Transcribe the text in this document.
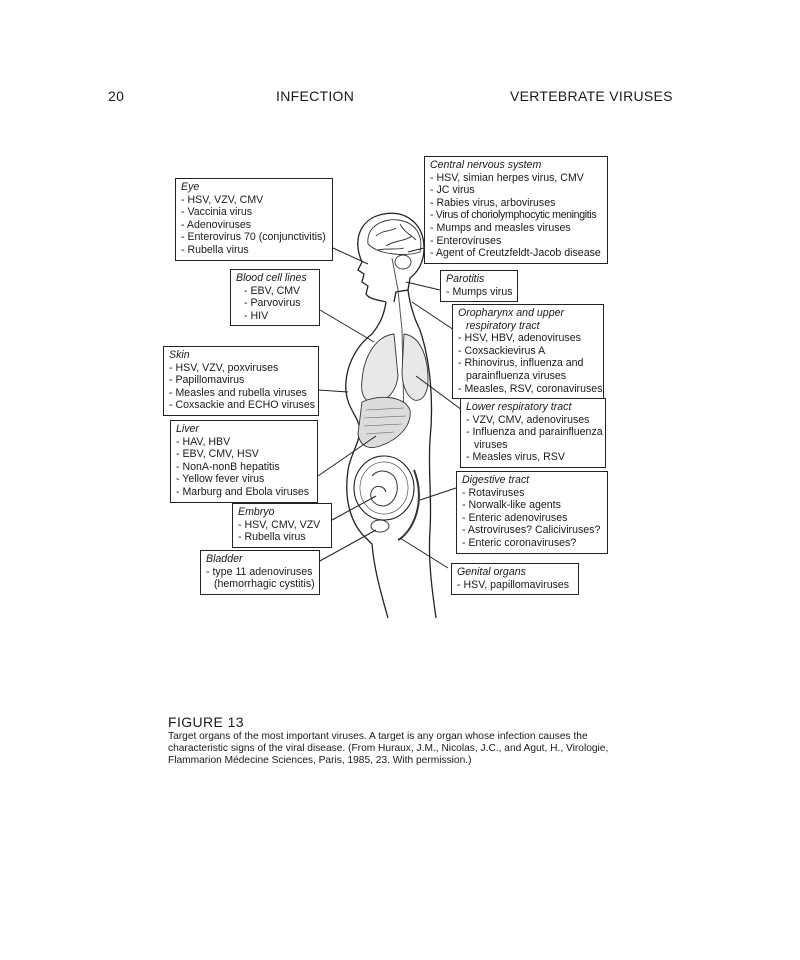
20	INFECTION	VERTEBRATE VIRUSES
Eye
- HSV, VZV, CMV
- Vaccinia virus
- Adenoviruses
- Enterovirus 70 (conjunctivitis)
- Rubella virus
Central nervous system
- HSV, simian herpes virus, CMV
- JC virus
- Rabies virus, arboviruses
- Virus of choriolymphocytic meningitis
- Mumps and measles viruses
- Enteroviruses
- Agent of Creutzfeldt-Jacob disease
Blood cell lines
- EBV, CMV
- Parvovirus
- HIV
Parotitis
- Mumps virus
Oropharynx and upper
respiratory tract
- HSV, HBV, adenoviruses
- Coxsackievirus A
- Rhinovirus, influenza and
parainfluenza viruses
- Measles, RSV, coronaviruses
Skin
- HSV, VZV, poxviruses
- Papillomavirus
- Measles and rubella viruses
- Coxsackie and ECHO viruses	Lower respiratory tract
- VZV, CMV, adenoviruses
- Influenza and parainfluenza
viruses
- Measles virus, RSV
Liver
- HAV, HBV
- EBV, CMV, HSV
- NonA-nonB hepatitis
- Yellow fever virus
- Marburg and Ebola viruses
Digestive tract
- Rotaviruses
- Norwalk-like agents
- Enteric adenoviruses
- Astroviruses? Caliciviruses?
- Enteric coronaviruses?
Embryo
- HSV, CMV, VZV
- Rubella virus
Bladder
- type 11 adenoviruses
(hemorrhagic cystitis)
Genital organs
- HSV, papillomaviruses
FIGURE 13
Target organs of the most important viruses. A target is any organ whose infection causes the characteristic signs of the viral disease. (From Huraux, J.M., Nicolas, J.C., and Agut, H., Virologie, Flammarion Médecine Sciences, Paris, 1985, 23. With permission.)
